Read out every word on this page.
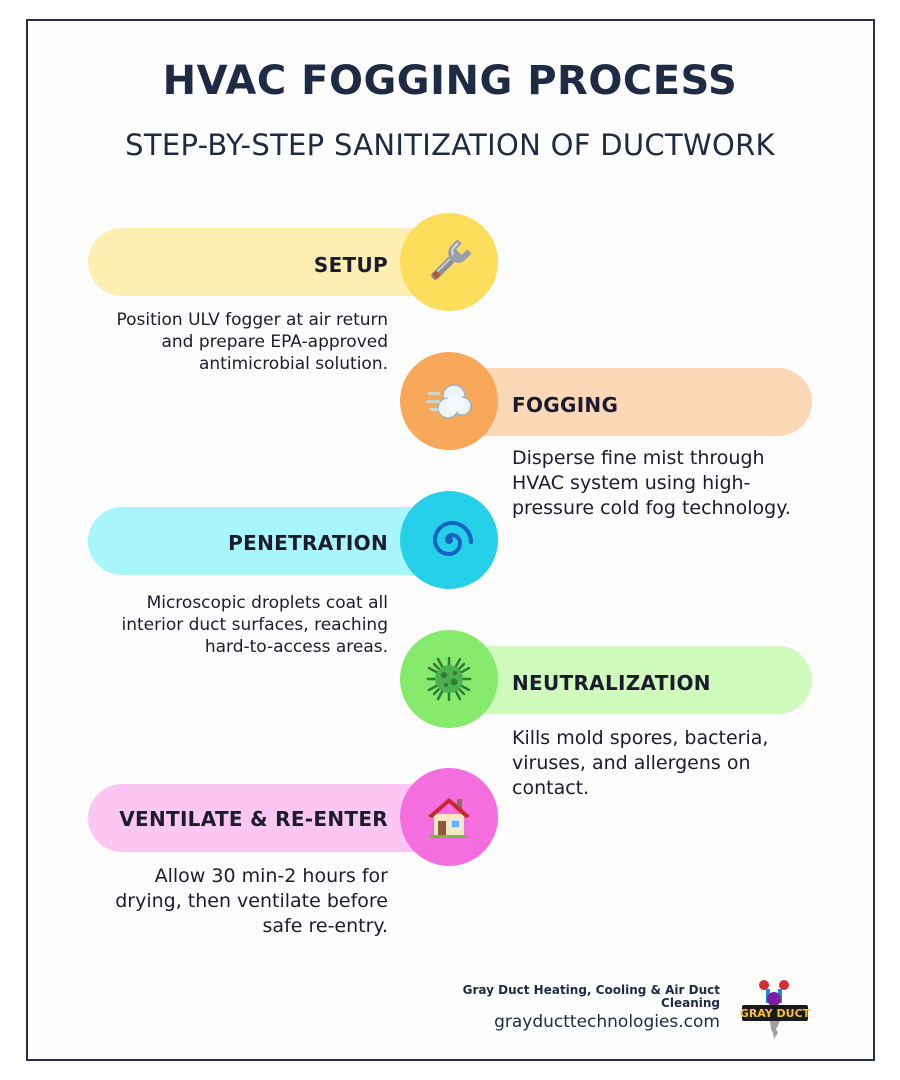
HVAC FOGGING PROCESS
STEP-BY-STEP SANITIZATION OF DUCTWORK
SETUP
Position ULV fogger at air return and prepare EPA-approved antimicrobial solution.
FOGGING
Disperse fine mist through HVAC system using high-pressure cold fog technology.
PENETRATION
Microscopic droplets coat all interior duct surfaces, reaching hard-to-access areas.
NEUTRALIZATION
Kills mold spores, bacteria, viruses, and allergens on contact.
VENTILATE & RE-ENTER
Allow 30 min-2 hours for drying, then ventilate before safe re-entry.
Gray Duct Heating, Cooling & Air Duct Cleaning
grayducttechnologies.com GRAY DUCT
